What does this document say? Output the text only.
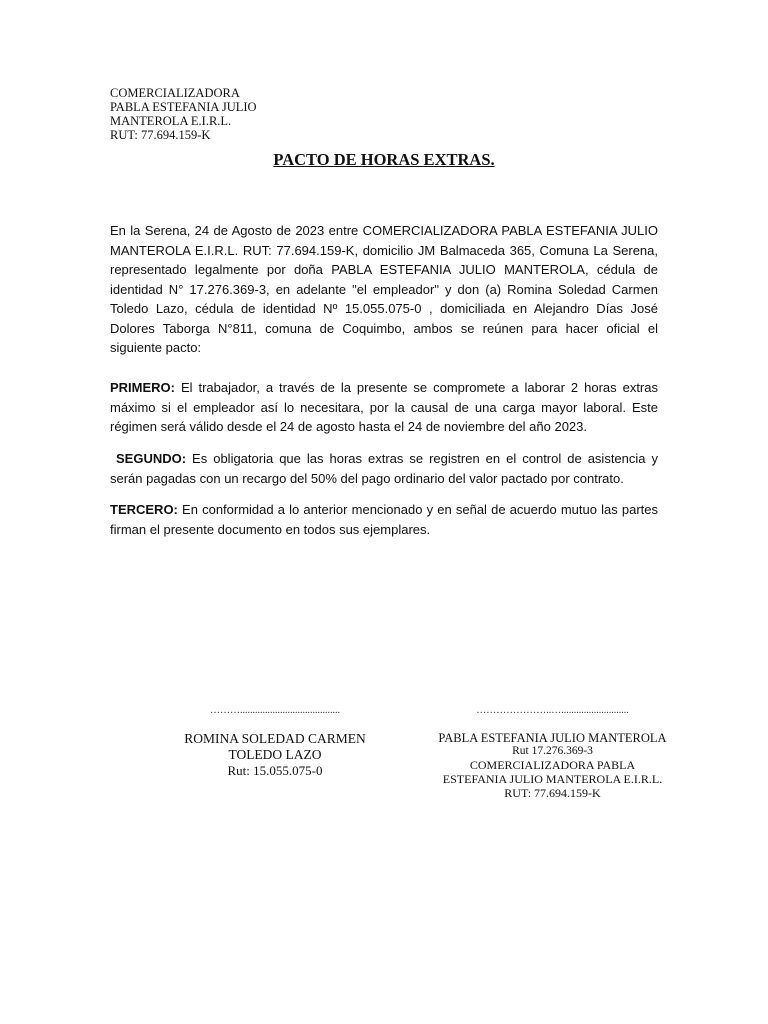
COMERCIALIZADORA
PABLA ESTEFANIA JULIO
MANTEROLA E.I.R.L.
RUT: 77.694.159-K
PACTO DE HORAS EXTRAS.

En la Serena, 24 de Agosto de 2023 entre COMERCIALIZADORA PABLA ESTEFANIA JULIO MANTEROLA E.I.R.L. RUT: 77.694.159-K, domicilio JM Balmaceda 365, Comuna La Serena, representado legalmente por doña PABLA ESTEFANIA JULIO MANTEROLA, cédula de identidad N° 17.276.369-3, en adelante "el empleador" y don (a) Romina Soledad Carmen Toledo Lazo, cédula de identidad Nº 15.055.075-0 , domiciliada en Alejandro Días José Dolores Taborga N°811, comuna de Coquimbo, ambos se reúnen para hacer oficial el siguiente pacto:

PRIMERO: El trabajador, a través de la presente se compromete a laborar 2 horas extras máximo si el empleador así lo necesitara, por la causal de una carga mayor laboral. Este régimen será válido desde el 24 de agosto hasta el 24 de noviembre del año 2023.

SEGUNDO: Es obligatoria que las horas extras se registren en el control de asistencia y serán pagadas con un recargo del 50% del pago ordinario del valor pactado por contrato.

TERCERO: En conformidad a lo anterior mencionado y en señal de acuerdo mutuo las partes firman el presente documento en todos sus ejemplares.

………........................................
ROMINA SOLEDAD CARMEN
TOLEDO LAZO
Rut: 15.055.075-0
…………………..…...........................
PABLA ESTEFANIA JULIO MANTEROLA
Rut 17.276.369-3
COMERCIALIZADORA PABLA
ESTEFANIA JULIO MANTEROLA E.I.R.L.
RUT: 77.694.159-K
